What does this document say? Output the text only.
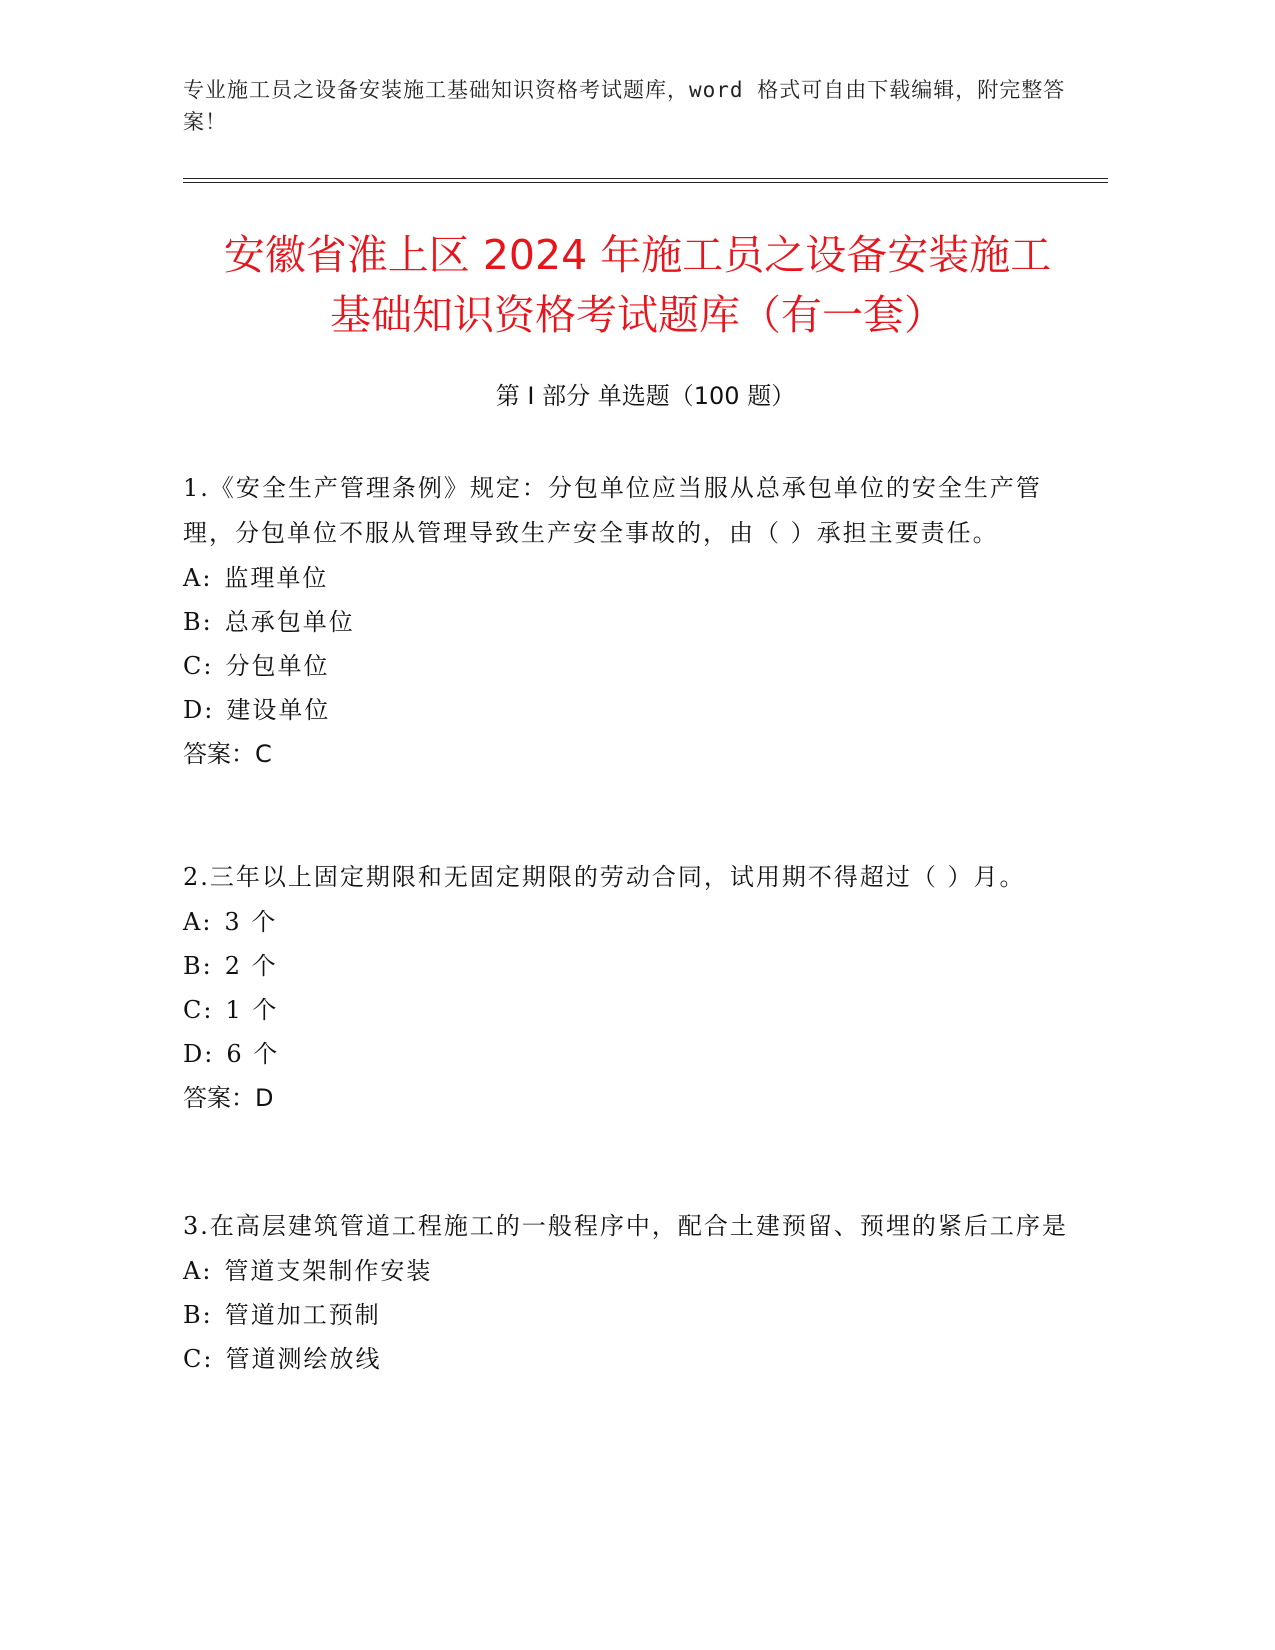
专业施工员之设备安装施工基础知识资格考试题库，word 格式可自由下载编辑，附完整答案！
安徽省淮上区 2024 年施工员之设备安装施工
基础知识资格考试题库（有一套）
第 I 部分 单选题（100 题）
1.《安全生产管理条例》规定：分包单位应当服从总承包单位的安全生产管理，分包单位不服从管理导致生产安全事故的，由（ ）承担主要责任。
A: 监理单位
B: 总承包单位
C: 分包单位
D: 建设单位
答案：C
2.三年以上固定期限和无固定期限的劳动合同，试用期不得超过（ ）月。
A: 3 个
B: 2 个
C: 1 个
D: 6 个
答案：D
3.在高层建筑管道工程施工的一般程序中，配合土建预留、预埋的紧后工序是
A: 管道支架制作安装
B: 管道加工预制
C: 管道测绘放线
